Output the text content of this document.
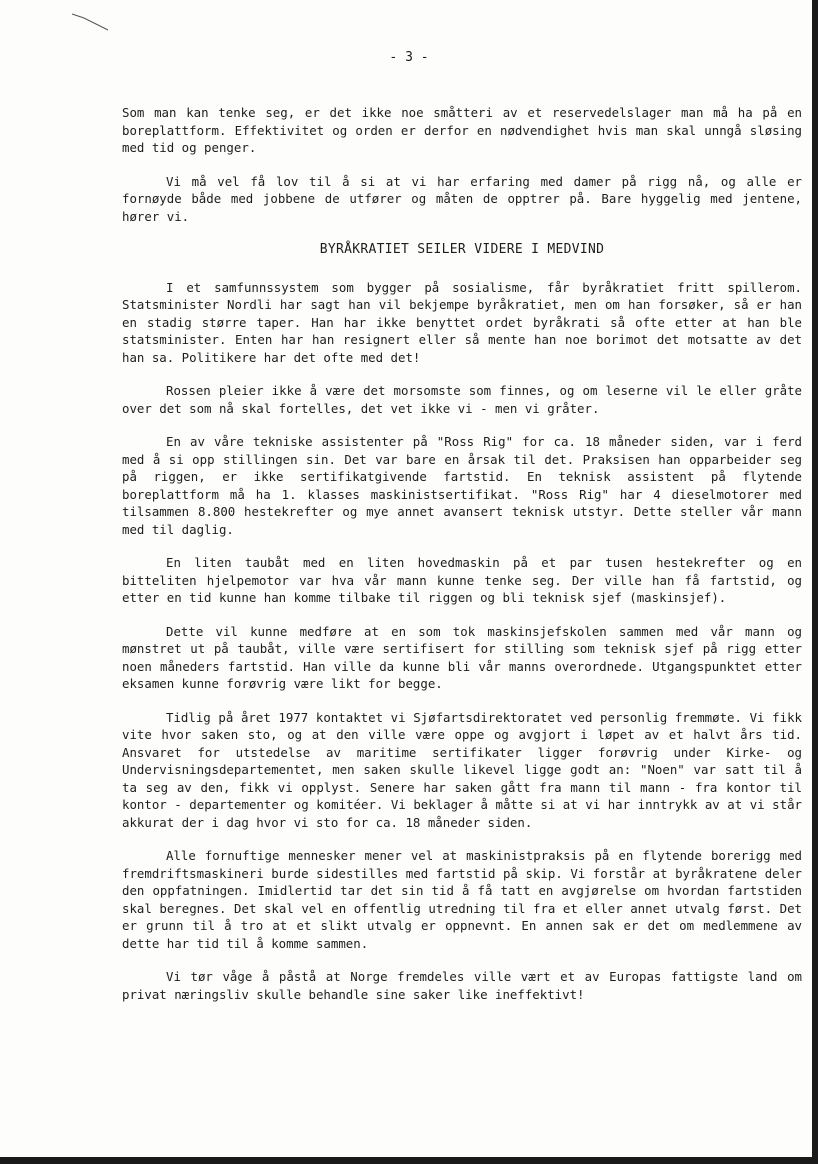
- 3 -

Som man kan tenke seg, er det ikke noe småtteri av et reservedelslager man må ha på en boreplattform. Effektivitet og orden er derfor en nødvendighet hvis man skal unngå sløsing med tid og penger.

Vi må vel få lov til å si at vi har erfaring med damer på rigg nå, og alle er fornøyde både med jobbene de utfører og måten de opptrer på. Bare hyggelig med jentene, hører vi.

BYRÅKRATIET SEILER VIDERE I MEDVIND

I et samfunnssystem som bygger på sosialisme, får byråkratiet fritt spillerom. Statsminister Nordli har sagt han vil bekjempe byråkratiet, men om han forsøker, så er han en stadig større taper. Han har ikke benyttet ordet byråkrati så ofte etter at han ble statsminister. Enten har han resignert eller så mente han noe borimot det motsatte av det han sa. Politikere har det ofte med det!

Rossen pleier ikke å være det morsomste som finnes, og om leserne vil le eller gråte over det som nå skal fortelles, det vet ikke vi - men vi gråter.

En av våre tekniske assistenter på "Ross Rig" for ca. 18 måneder siden, var i ferd med å si opp stillingen sin. Det var bare en årsak til det. Praksisen han opparbeider seg på riggen, er ikke sertifikatgivende fartstid. En teknisk assistent på flytende boreplattform må ha 1. klasses maskinistsertifikat. "Ross Rig" har 4 dieselmotorer med tilsammen 8.800 hestekrefter og mye annet avansert teknisk utstyr. Dette steller vår mann med til daglig.

En liten taubåt med en liten hovedmaskin på et par tusen hestekrefter og en bitteliten hjelpemotor var hva vår mann kunne tenke seg. Der ville han få fartstid, og etter en tid kunne han komme tilbake til riggen og bli teknisk sjef (maskinsjef).

Dette vil kunne medføre at en som tok maskinsjefskolen sammen med vår mann og mønstret ut på taubåt, ville være sertifisert for stilling som teknisk sjef på rigg etter noen måneders fartstid. Han ville da kunne bli vår manns overordnede. Utgangspunktet etter eksamen kunne forøvrig være likt for begge.

Tidlig på året 1977 kontaktet vi Sjøfartsdirektoratet ved personlig fremmøte. Vi fikk vite hvor saken sto, og at den ville være oppe og avgjort i løpet av et halvt års tid. Ansvaret for utstedelse av maritime sertifikater ligger forøvrig under Kirke- og Undervisningsdepartementet, men saken skulle likevel ligge godt an: "Noen" var satt til å ta seg av den, fikk vi opplyst. Senere har saken gått fra mann til mann - fra kontor til kontor - departementer og komitéer. Vi beklager å måtte si at vi har inntrykk av at vi står akkurat der i dag hvor vi sto for ca. 18 måneder siden.

Alle fornuftige mennesker mener vel at maskinistpraksis på en flytende borerigg med fremdriftsmaskineri burde sidestilles med fartstid på skip. Vi forstår at byråkratene deler den oppfatningen. Imidlertid tar det sin tid å få tatt en avgjørelse om hvordan fartstiden skal beregnes. Det skal vel en offentlig utredning til fra et eller annet utvalg først. Det er grunn til å tro at et slikt utvalg er oppnevnt. En annen sak er det om medlemmene av dette har tid til å komme sammen.

Vi tør våge å påstå at Norge fremdeles ville vært et av Europas fattigste land om privat næringsliv skulle behandle sine saker like ineffektivt!
